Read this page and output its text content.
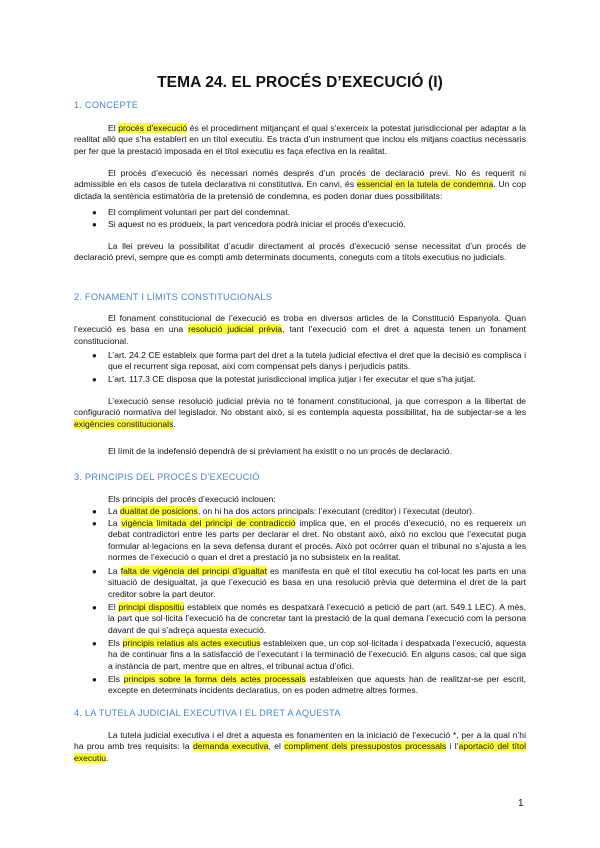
TEMA 24. EL PROCÉS D’EXECUCIÓ (I)
1. CONCEPTE
El procés d’execució és el procediment mitjançant el qual s’exerceix la potestat jurisdiccional per adaptar a la realitat allò que s’ha establert en un títol executiu. Es tracta d’un instrument que inclou els mitjans coactius necessaris per fer que la prestació imposada en el títol executiu es faça efectiva en la realitat.
El procés d’execució és necessari només després d’un procés de declaració previ. No és requerit ni admissible en els casos de tutela declarativa ni constitutiva. En canvi, és essencial en la tutela de condemna. Un cop dictada la sentència estimatòria de la pretensió de condemna, es poden donar dues possibilitats:
● El compliment voluntari per part del condemnat.
● Si aquest no es produeix, la part vencedora podrà iniciar el procés d’execució.
La llei preveu la possibilitat d’acudir directament al procés d’execució sense necessitat d’un procés de declaració previ, sempre que es compti amb determinats documents, coneguts com a títols executius no judicials.
2. FONAMENT I LÍMITS CONSTITUCIONALS
El fonament constitucional de l’execució es troba en diversos articles de la Constitució Espanyola. Quan l’execució es basa en una resolució judicial prèvia, tant l’execució com el dret a aquesta tenen un fonament constitucional.
● L’art. 24.2 CE estableix que forma part del dret a la tutela judicial efectiva el dret que la decisió es complisca i que el recurrent siga reposat, així com compensat pels danys i perjudicis patits.
● L’art. 117.3 CE disposa que la potestat jurisdiccional implica jutjar i fer executar el que s’ha jutjat.
L’execució sense resolució judicial prèvia no té fonament constitucional, ja que correspon a la llibertat de configuració normativa del legislador. No obstant això, si es contempla aquesta possibilitat, ha de subjectar-se a les exigències constitucionals.
El límit de la indefensió dependrà de si prèviament ha existit o no un procés de declaració.
3. PRINCIPIS DEL PROCÉS D’EXECUCIÓ
Els principis del procés d’execució inclouen:
● La dualitat de posicions, on hi ha dos actors principals: l’executant (creditor) i l’executat (deutor).
● La vigència limitada del principi de contradicció implica que, en el procés d’execució, no es requereix un debat contradictori entre les parts per declarar el dret. No obstant això, això no exclou que l’executat puga formular al·legacions en la seva defensa durant el procés. Això pot ocórrer quan el tribunal no s’ajusta a les normes de l’execució o quan el dret a prestació ja no subsisteix en la realitat.
● La falta de vigència del principi d’igualtat es manifesta en què el títol executiu ha col·locat les parts en una situació de desigualtat, ja que l’execució es basa en una resolució prèvia que determina el dret de la part creditor sobre la part deutor.
● El principi dispositiu estableix que només es despatxarà l’execució a petició de part (art. 549.1 LEC). A més, la part que sol·licita l’execució ha de concretar tant la prestació de la qual demana l’execució com la persona davant de qui s’adreça aquesta execució.
● Els principis relatius als actes executius estableixen que, un cop sol·licitada i despatxada l’execució, aquesta ha de continuar fins a la satisfacció de l’executant i la terminació de l’execució. En alguns casos, cal que siga a instància de part, mentre que en altres, el tribunal actua d’ofici.
● Els principis sobre la forma dels actes processals estableixen que aquests han de realitzar-se per escrit, excepte en determinats incidents declaratius, on es poden admetre altres formes.
4. LA TUTELA JUDICIAL EXECUTIVA I EL DRET A AQUESTA
La tutela judicial executiva i el dret a aquesta es fonamenten en la iniciació de l’execució *, per a la qual n’hi ha prou amb tres requisits: la demanda executiva, el compliment dels pressupostos processals i l’aportació del títol executiu.
1
